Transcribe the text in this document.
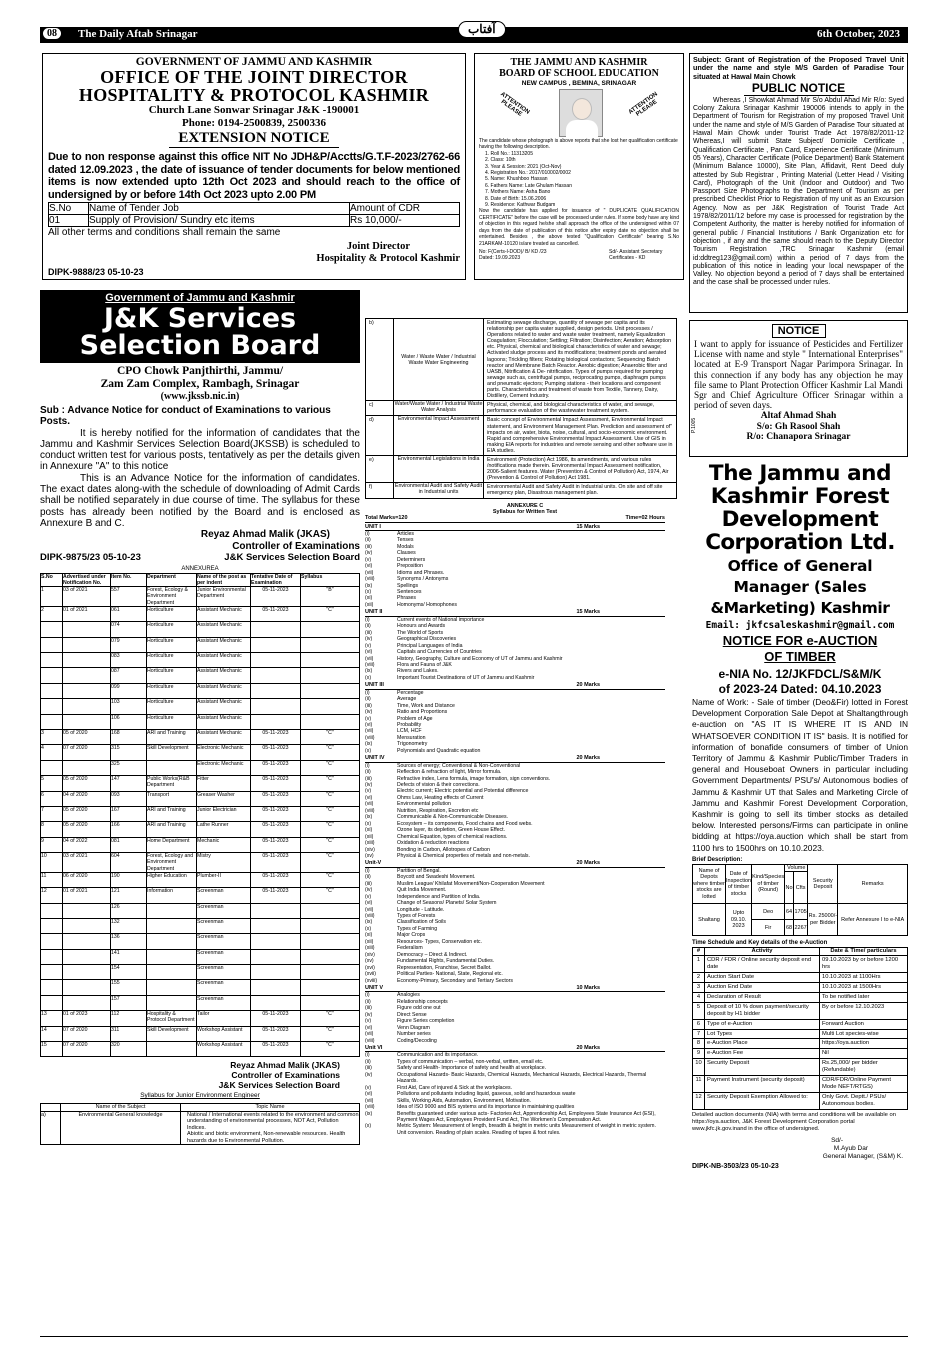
08	The Daily Aftab Srinagar	آفتاب	6th October, 2023
GOVERNMENT OF JAMMU AND KASHMIR
OFFICE OF THE JOINT DIRECTOR
HOSPITALITY & PROTOCOL KASHMIR
Church Lane Sonwar Srinagar J&K -190001
Phone: 0194-2500839, 2500336
EXTENSION NOTICE
Due to non response against this office NIT No JDH&P/Acctts/G.T.F-2023/2762-66 dated 12.09.2023 , the date of issuance of tender documents for below mentioned items is now extended upto 12th Oct 2023 and should reach to the office of undersigned by or before 14th Oct 2023 upto 2.00 PM
S.No	Name of Tender Job	Amount of CDR
01	Supply of Provision/ Sundry etc items	Rs 10,000/-
All other terms and conditions shall remain the same
Joint Director
Hospitality & Protocol Kashmir
DIPK-9888/23 05-10-23
THE JAMMU AND KASHMIR
BOARD OF SCHOOL EDUCATION
NEW CAMPUS , BEMINA, SRINAGAR
ATTENTION PLEASE	ATTENTION PLEASE
The candidate whose photograph is above reports that she lost her qualification certificate having the following description.
1. Roll No.: 11313205
2. Class: 10th
3. Year & Session: 2021 (Oct-Nov)
4. Registration No.: 2017/010002/0002
5. Name: Khushboo Hassan
6. Fathers Name: Late Ghulam Hassan
7. Mothers Name: Asha Bano
8. Date of Birth: 15.06.2006
9. Residence: Kathwar Budgam
Now the candidate has applied for issuance of " DUPLICATE QUALIFICATION CERTIFICATE" before the case will be processed under rules. If some body have any kind of objection in this regard he/she shall approach the office of the undersigned within 07 days from the date of publication of this notice after expiry date no objection shall be entertained. Besides , the above tested "Qualification Certificate" bearing S.No 21ARKAM-10120 is/are treated as cancelled.
No: F(Certs-I-DOD)/ B/ KD /23
Dated: 19.09.2023
Sd/- Assistant Secretary Certificates - KD
Subject: Grant of Registration of the Proposed Travel Unit under the name and style M/S Garden of Paradise Tour situated at Hawal Main Chowk
PUBLIC NOTICE
Whereas ,I Showkat Ahmad Mir S/o Abdul Ahad Mir R/o: Syed Colony Zakura Srinagar Kashmir 190006 intends to apply in the Department of Tourism for Registration of my proposed Travel Unit under the name and style of M/S Garden of Paradise Tour situated at Hawal Main Chowk under Tourist Trade Act 1978/82/2011-12 Whereas,I will submit State Subject/ Domicile Certificate , Qualification Certificate , Pan Card, Experience Certificate (Minimum 05 Years), Character Certificate (Police Department) Bank Statement (Minimum Balance 10000), Site Plan, Affidavit, Rent Deed duly attested by Sub Registrar , Printing Material (Letter Head / Visiting Card), Photograph of the Unit (Indoor and Outdoor) and Two Passport Size Photographs to the Department of Tourism as per prescribed Checklist Prior to Registration of my unit as an Excursion Agency. Now as per J&K Registration of Tourist Trade Act 1978/82/2011/12 before my case is processed for registration by the Competent Authority, the matter is hereby notified for information of general public / Financial Institutions / Bank Organization etc for objection , if any and the same should reach to the Deputy Director Tourism Registration ,TRC Srinagar Kashmir (email id:ddtreg123@gmail.com) within a period of 7 days from the publication of this notice in leading your local newspaper of the Valley. No objection beyond a period of 7 days shall be entertained and the case shall be processed under rules.
NOTICE
I want to apply for issuance of Pesticides and Fertilizer License with name and style " International Enterprises" located at E-9 Transport Nagar Parimpora Srinagar. In this connection if any body has any objection he may file same to Plant Protection Officer Kashmir Lal Mandi Sgr and Chief Agriculture Officer Srinagar within a period of seven days.
Altaf Ahmad Shah
S/o: Gh Rasool Shah
R/o: Chanapora Srinagar
P.1005
Government of Jammu and Kashmir
J&K Services
Selection Board
CPO Chowk Panjthirthi, Jammu/
Zam Zam Complex, Rambagh, Srinagar
(www.jkssb.nic.in)
Sub : Advance Notice for conduct of Examinations to various Posts.
It is hereby notified for the information of candidates that the Jammu and Kashmir Services Selection Board(JKSSB) is scheduled to conduct written test for various posts, tentatively as per the details given in Annexure "A" to this notice
This is an Advance Notice for the information of candidates. The exact dates along-with the schedule of downloading of Admit Cards shall be notified separately in due course of time. The syllabus for these posts has already been notified by the Board and is enclosed as Annexure B and C.
Reyaz Ahmad Malik (JKAS)
Controller of Examinations
DIPK-9875/23 05-10-23	J&K Services Selection Board
ANNEXUREA
S.No	Advertised under Notification No.	Item No.	Department	Name of the post as per indent	Tentative Date of Examination	Syllabus
1	03 of 2021	557	Forest, Ecology & Environment Department	Junior Environmental Department	05-11-2023	"B"
2	01 of 2021	061	Horticulture	Assistant Mechanic	05-11-2023	"C"
		074	Horticulture	Assistant Mechanic		
		079	Horticulture	Assistant Mechanic		
		083	Horticulture	Assistant Mechanic		
		087	Horticulture	Assistant Mechanic		
		099	Horticulture	Assistant Mechanic		
		103	Horticulture	Assistant Mechanic		
		106	Horticulture	Assistant Mechanic		
3	05 of 2020	168	ARI and Training	Assistant Mechanic	05-11-2023	"C"
4	07 of 2020	315	Skill Development	Electronic Mechanic	05-11-2023	"C"
		325		Electronic Mechanic	05-11-2023	"C"
5	05 of 2020	147	Public Works(R&B Department	Fitter	05-11-2023	"C"
6	04 of 2020	093	Transport	Greaser Washer	05-11-2023	"C"
7	05 of 2020	167	ARI and Training	Junior Electrician	05-11-2023	"C"
8	05 of 2020	166	ARI and Training	Lathe Runner	05-11-2023	"C"
9	04 of 2022	081	Home Department	Mechanic	05-11-2023	"C"
10	03 of 2021	604	Forest, Ecology and Environment Department	Mistry	05-11-2023	"C"
11	06 of 2020	190	Higher Education	Plumber-II	05-11-2023	"C"
12	01 of 2021	121	Information	Screenman	05-11-2023	"C"
		126		Screenman		
		132		Screenman		
		136		Screenman		
		141		Screenman		
		154		Screenman		
		155		Screenman		
		157		Screenman		
13	01 of 2023	112	Hospitality & Protocol Department	Tailor	05-11-2023	"C"
14	07 of 2020	311	Skill Development	Workshop Assistant	05-11-2023	"C"
15	07 of 2020	320		Workshop Assistant	05-11-2023	"C"
Reyaz Ahmad Malik (JKAS)
Controller of Examinations
J&K Services Selection Board
Syllabus for Junior Environment Engineer
	Name of the Subject	Topic Name
a)	Environmental General knowledge	National / International events related to the environment and common understanding of environmental processes, NOT Act, Pollution Indices.
Abiotic and biotic environment, Non-renewable resources. Health hazards due to Environmental Pollution.
b)	Water / Waste Water / Industrial Waste Water Engineering	Estimating sewage discharge, quantity of sewage per capita and its relationship per capita water supplied, design periods. Unit processes / Operations related to water and waste water treatment, namely Equalization Coagulation; Flocculation; Settling; Filtration; Disinfection; Aeration; Adsorption etc. Physical, chemical and biological characteristics of water and sewage; Activated sludge process and its modifications; treatment ponds and aerated lagoons; Trickling filters; Rotating biological contactors; Sequencing Batch reactor and Membrane Batch Reactor. Aerobic digestion; Anaerobic filter and UASB, Nitrification & De- nitrification. Types of pumps required for pumping sewage such as, centrifugal pumps, reciprocating pumps, diaphragm pumps and pneumatic ejectors; Pumping stations - their locations and component parts. Characteristics and treatment of waste from Textile, Tannery, Dairy, Distillery, Cement Industry.
c)	Water/Waste Water / Industrial Waste Water Analysis	Physical, chemical, and biological characteristics of water, and sewage, performance evaluation of the wastewater treatment system.
d)	Environmental Impact Assessment	Basic concept of Environmental Impact Assessment, Environmental Impact statement, and Environment Management Plan. Prediction and assessment of" impacts on air, water, biota, noise, cultural, and socio-economic environment. Rapid and comprehensive Environmental Impact Assessment. Use of GIS in making EIA reports for industries and remote sensing and other software use in EIA studies.
e)	Environmental Legislations in India	Environment (Protection) Act 1986, its amendments, and various rules /notifications made therein. Environmental Impact Assessment notification, 2006-Salient features. Water (Prevention & Control of Pollution) Act, 1974, Air (Prevention & Control of Pollution) Act 1981.
f)	Environmental Audit and Safety Audit in Industrial units	Environmental Audit and Safety Audit in Industrial units. On site and off site emergency plan, Disastrous management plan.
ANNEXURE C
Syllabus for Written Test
Total Marks=120	Time=02 Hours
UNIT I	15 Marks
(i)	Articles
(ii)	Tenses
(iii)	Modals
(iv)	Clauses
(v)	Determiners
(vi)	Preposition
(vii)	Idioms and Phrases.
(viii)	Synonyms / Antonyms
(ix)	Spellings
(x)	Sentences
(xi)	Phrases
(xii)	Homonyms/ Homophones
UNIT II	15 Marks
(i)	Current events of National importance
(ii)	Honours and Awards
(iii)	The World of Sports
(iv)	Geographical Discoveries
(v)	Principal Languages of India
(vi)	Capitals and Currencies of Countries
(vii)	History, Geography, Culture and Economy of UT of Jammu and Kashmir
(viii)	Flora and Fauna of J&K
(ix)	Rivers and Lakes.
(x)	Important Tourist Destinations of UT of Jammu and Kashmir
UNIT III	20 Marks
(i)	Percentage
(ii)	Average
(iii)	Time, Work and Distance
(iv)	Ratio and Proportions
(v)	Problem of Age
(vi)	Probability
(vii)	LCM, HCF
(viii)	Mensuration
(ix)	Trigonometry
(x)	Polynomials and Quadratic equation
UNIT IV	20 Marks
(i)	Sources of energy; Conventional & Non-Conventional
(ii)	Reflection & refraction of light, Mirror formula.
(iii)	Refractive index, Lens formula, image formation, sign conventions.
(iv)	Defects of vision & their corrections.
(v)	Electric current; Electric potential and Potential difference
(vi)	Ohms Law, Heating effects of Current
(vii)	Environmental pollution
(viii)	Nutrition, Respiration, Excretion etc
(ix)	Communicable & Non-Communicable Diseases.
(x)	Ecosystem – its components, Food chains and Food webs.
(xi)	Ozone layer, its depletion, Green House Effect.
(xii)	Chemical Equation, types of chemical reactions.
(xiii)	Oxidation & reduction reactions
(xiv)	Bonding in Carbon, Allotropes of Carbon
(xv)	Physical & Chemical properties of metals and non-metals.
Unit-V	20 Marks
(i)	Partition of Bengal.
(ii)	Boycott and Swadeshi Movement.
(iii)	Muslim League/ Khilafat Movement/Non-Cooperation Movement
(iv)	Quit India Movement.
(v)	Independence and Partition of India.
(vi)	Change of Seasons/ Planets/ Solar System
(vii)	Longitude - Latitude.
(viii)	Types of Forests
(ix)	Classification of Soils
(x)	Types of Farming
(xi)	Major Crops
(xii)	Resources- Types, Conservation etc.
(xiii)	Federalism
(xiv)	Democracy – Direct & Indirect.
(xv)	Fundamental Rights, Fundamental Duties.
(xvi)	Representation, Franchise, Secret Ballot.
(xvii)	Political Parties- National, State, Regional etc.
(xviii)	Economy-Primary, Secondary and Tertiary Sectors
UNIT V	10 Marks
(i)	Analogies
(ii)	Relationship concepts
(iii)	Figure odd one out
(iv)	Direct Sense
(v)	Figure Series completion
(vi)	Venn Diagram
(vii)	Number series
(viii)	Coding/Decoding
Unit VI	20 Marks
(i)	Communication and its importance.
(ii)	Types of communication – verbal, non-verbal, written, email etc.
(iii)	Safety and Health- Importance of safety and health at workplace.
(iv)	Occupational Hazards- Basic Hazards, Chemical Hazards, Mechanical Hazards, Electrical Hazards, Thermal Hazards.
(v)	First Aid, Care of injured & Sick at the workplaces.
(vi)	Pollutions and pollutants including liquid, gaseous, solid and hazardous waste
(vii)	Skills, Working Aids, Automation, Environment, Motivation.
(viii)	Idea of ISO 9000 and BIS systems and its importance in maintaining qualities
(ix)	Benefits guaranteed under various acts- Factories Act, Apprenticeship Act, Employees State Insurance Act (ESI), Payment Wages Act, Employees Provident Fund Act, The Workmen's Compensation Act.
(x)	Metric System: Measurement of length, breadth & height in metric units Measurement of weight in metric system. Unit conversion. Reading of plain scales. Reading of tapes & foot rules.
The Jammu and
Kashmir Forest
Development
Corporation Ltd.
Office of General
Manager (Sales
&Marketing) Kashmir
Email: jkfcsaleskashmir@gmail.com
NOTICE FOR e-AUCTION
OF TIMBER
e-NIA No. 12/JKFDCL/S&M/K
of 2023-24 Dated: 04.10.2023
Name of Work: - Sale of timber (Deo&Fir) lotted in Forest Development Corporation Sale Depot at Shaltangthrough e-auction on "AS IT IS WHERE IT IS AND IN WHATSOEVER CONDITION IT IS" basis. It is notified for information of bonafide consumers of timber of Union Territory of Jammu & Kashmir Public/Timber Traders in general and Houseboat Owners in particular including Government Departments/ PSU's/ Autonomous bodies of Jammu & Kashmir UT that Sales and Marketing Circle of Jammu and Kashmir Forest Development Corporation, Kashmir is going to sell its timber stocks as detailed below. Interested persons/Firms can participate in online bidding at https://oya.auction which shall be start from 1100 hrs to 1500hrs on 10.10.2023.
Brief Description:
Name of Depots where timber stocks are lotted	Date of Inspection of timber stocks	Kind/Species of timber (Round)	Volume		Security Deposit	Remarks
			No	Cfts		
Shaltang	Upto 09.10. 2023	Deo	64	1705	Rs. 25000/- per Bidder	Refer Annexure I to e-NIA
		Fir	68	2267		
Time Schedule and Key details of the e-Auction
#	Activity	Date & Time/ particulars
1	CDR / FDR / Online security deposit end date	09.10.2023 by or before 1200 hrs
2	Auction Start Date	10.10.2023 at 1100Hrs
3	Auction End Date	10.10.2023 at 1500Hrs
4	Declaration of Result	To be notified later
5	Deposit of 10 % down payment/security deposit by H1 bidder	By or before 12.10.2023
6	Type of e-Auction	Forward Auction
7	Lot Types	Multi Lot species-wise
8	e-Auction Place	https://oya.auction
9	e-Auction Fee	Nil
10	Security Deposit	Rs.25,000/ per bidder (Refundable)
11	Payment Instrument (security deposit)	CDR/FDR/Online Payment Mode NEFT/RTGS)
12	Security Deposit Exemption Allowed to:	Only Govt. Deptt./ PSUs/ Autonomous bodies.
Detailed auction documents (NIA) with terms and conditions will be available on https://oya.auction, J&K Forest Development Corporation portal www.jkfc.jk.gov.inand in the office of undersigned.
Sd/-
M.Ayub Dar
General Manager, (S&M) K.
DIPK-NB-3503/23 05-10-23
